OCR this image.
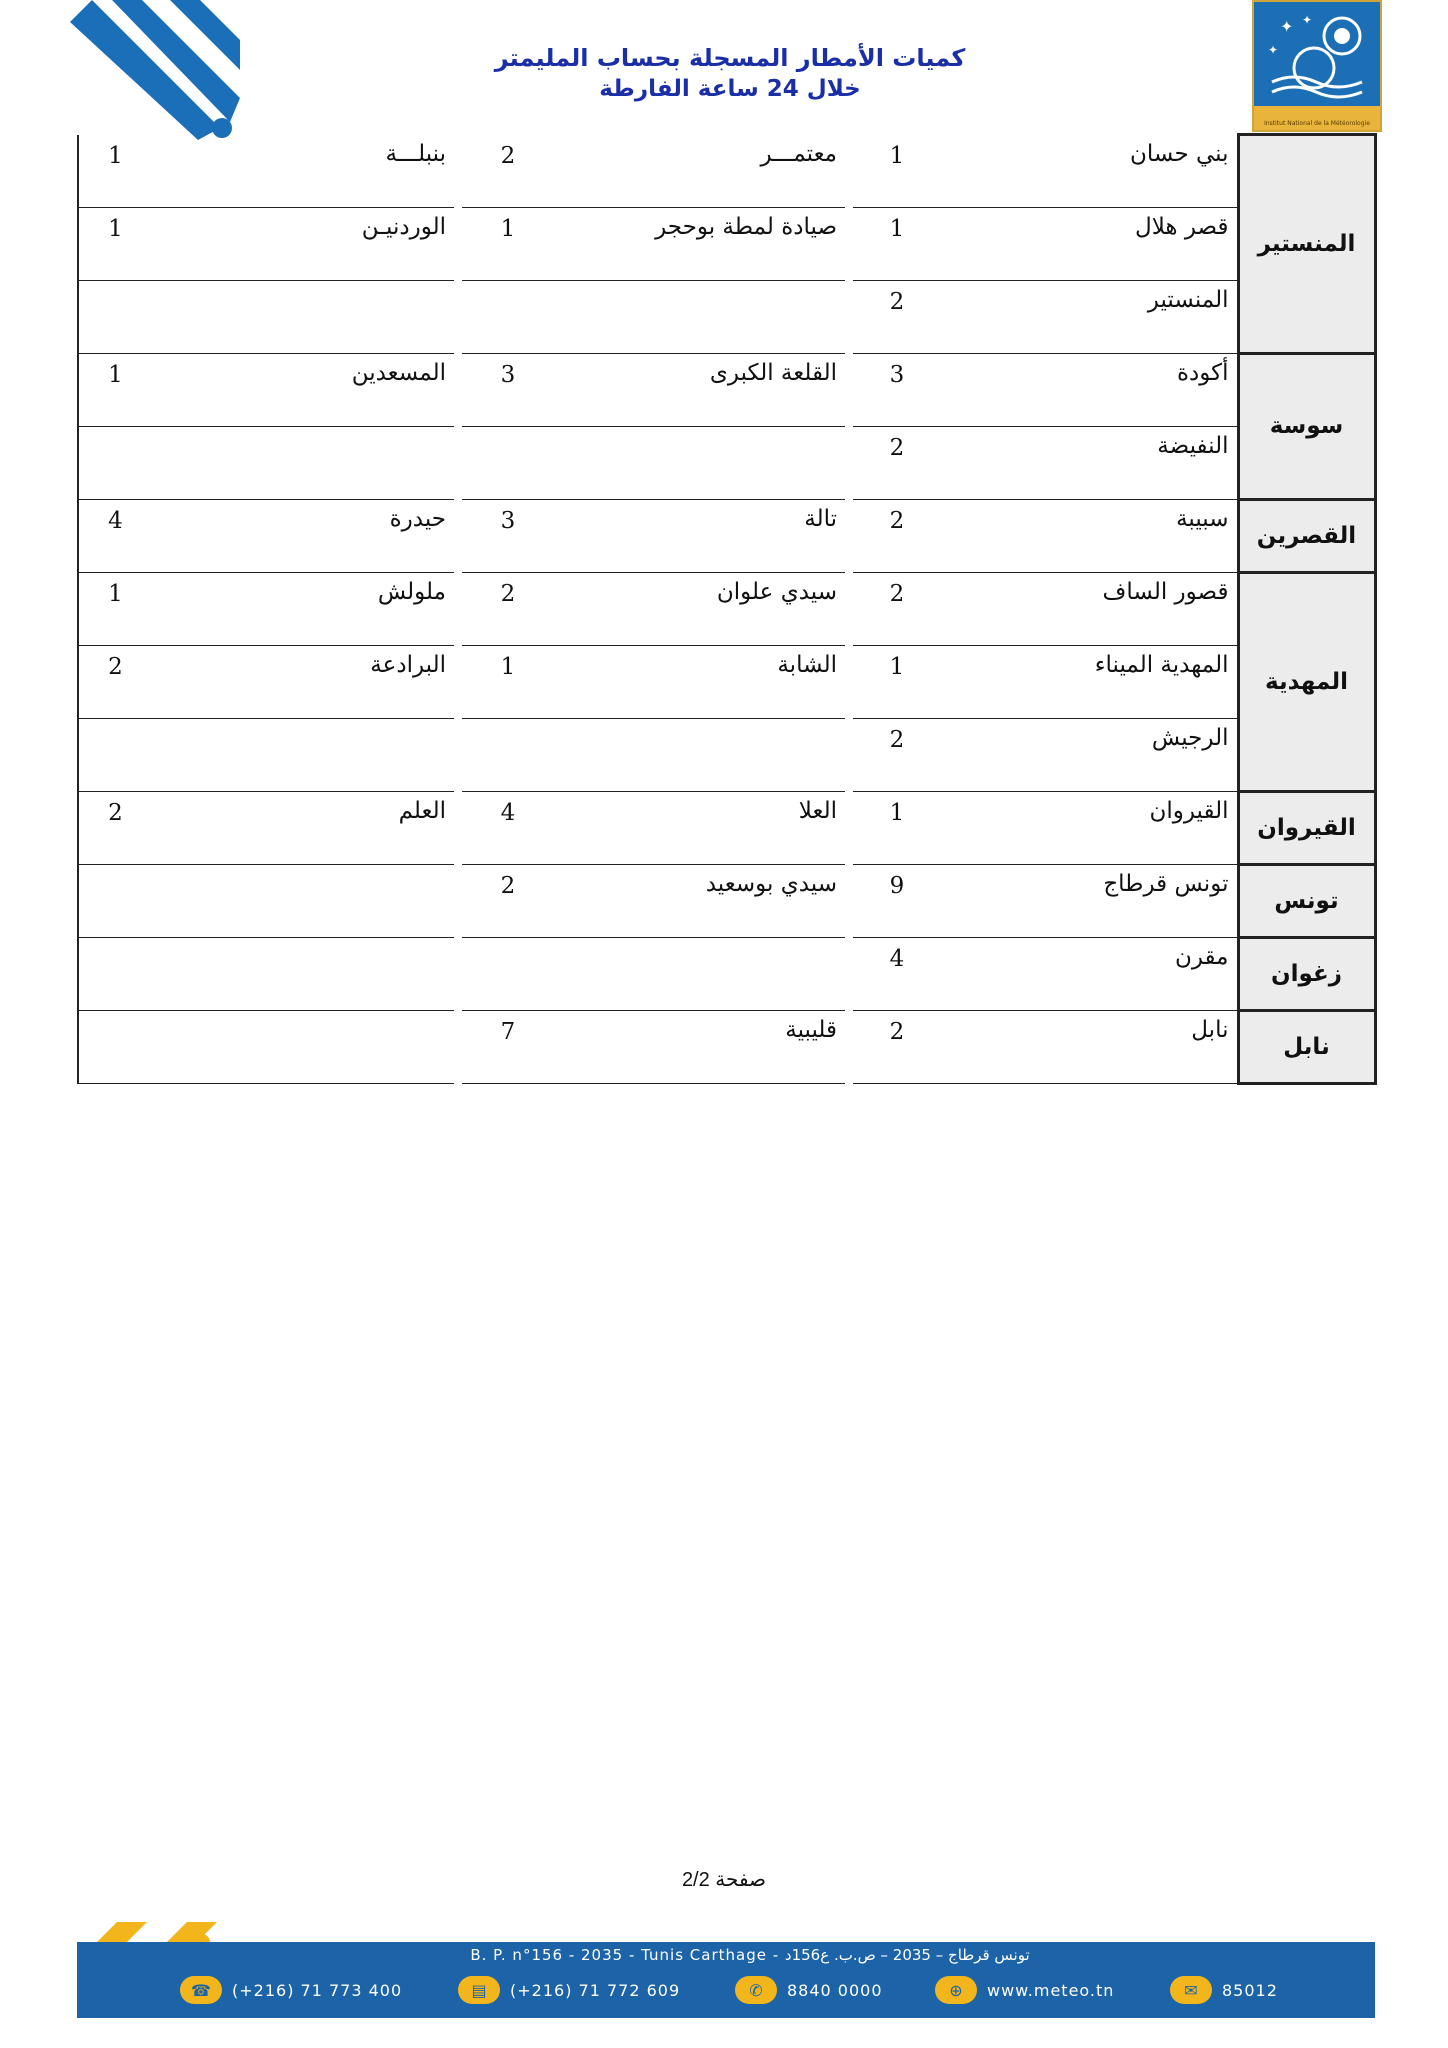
✦ ✦
✦
Institut National de la Météorologie
كميات الأمطار المسجلة بحساب المليمتر
خلال 24 ساعة الفارطة
المنستير	بني حسان	1	معتمـــر	2	بنبلـــة	1
	قصر هلال	1	صيادة لمطة بوحجر	1	الوردنيـن	1
	المنستير	2				
سوسة	أكودة	3	القلعة الكبرى	3	المسعدين	1
	النفيضة	2				
القصرين	سبيبة	2	تالة	3	حيدرة	4
المهدية	قصور الساف	2	سيدي علوان	2	ملولش	1
	المهدية الميناء	1	الشابة	1	البرادعة	2
	الرجيش	2				
القيروان	القيروان	1	العلا	4	العلم	2
تونس	تونس قرطاج	9	سيدي بوسعيد	2		
زغوان	مقرن	4				
نابل	نابل	2	قليبية	7		
صفحة 2/2
B. P. n°156 - 2035 - Tunis Carthage - تونس قرطاج – 2035 – ص.ب. ع156د
☎	(+216) 71 773 400	▤	(+216) 71 772 609	✆	8840 0000	⊕	www.meteo.tn	✉	85012
